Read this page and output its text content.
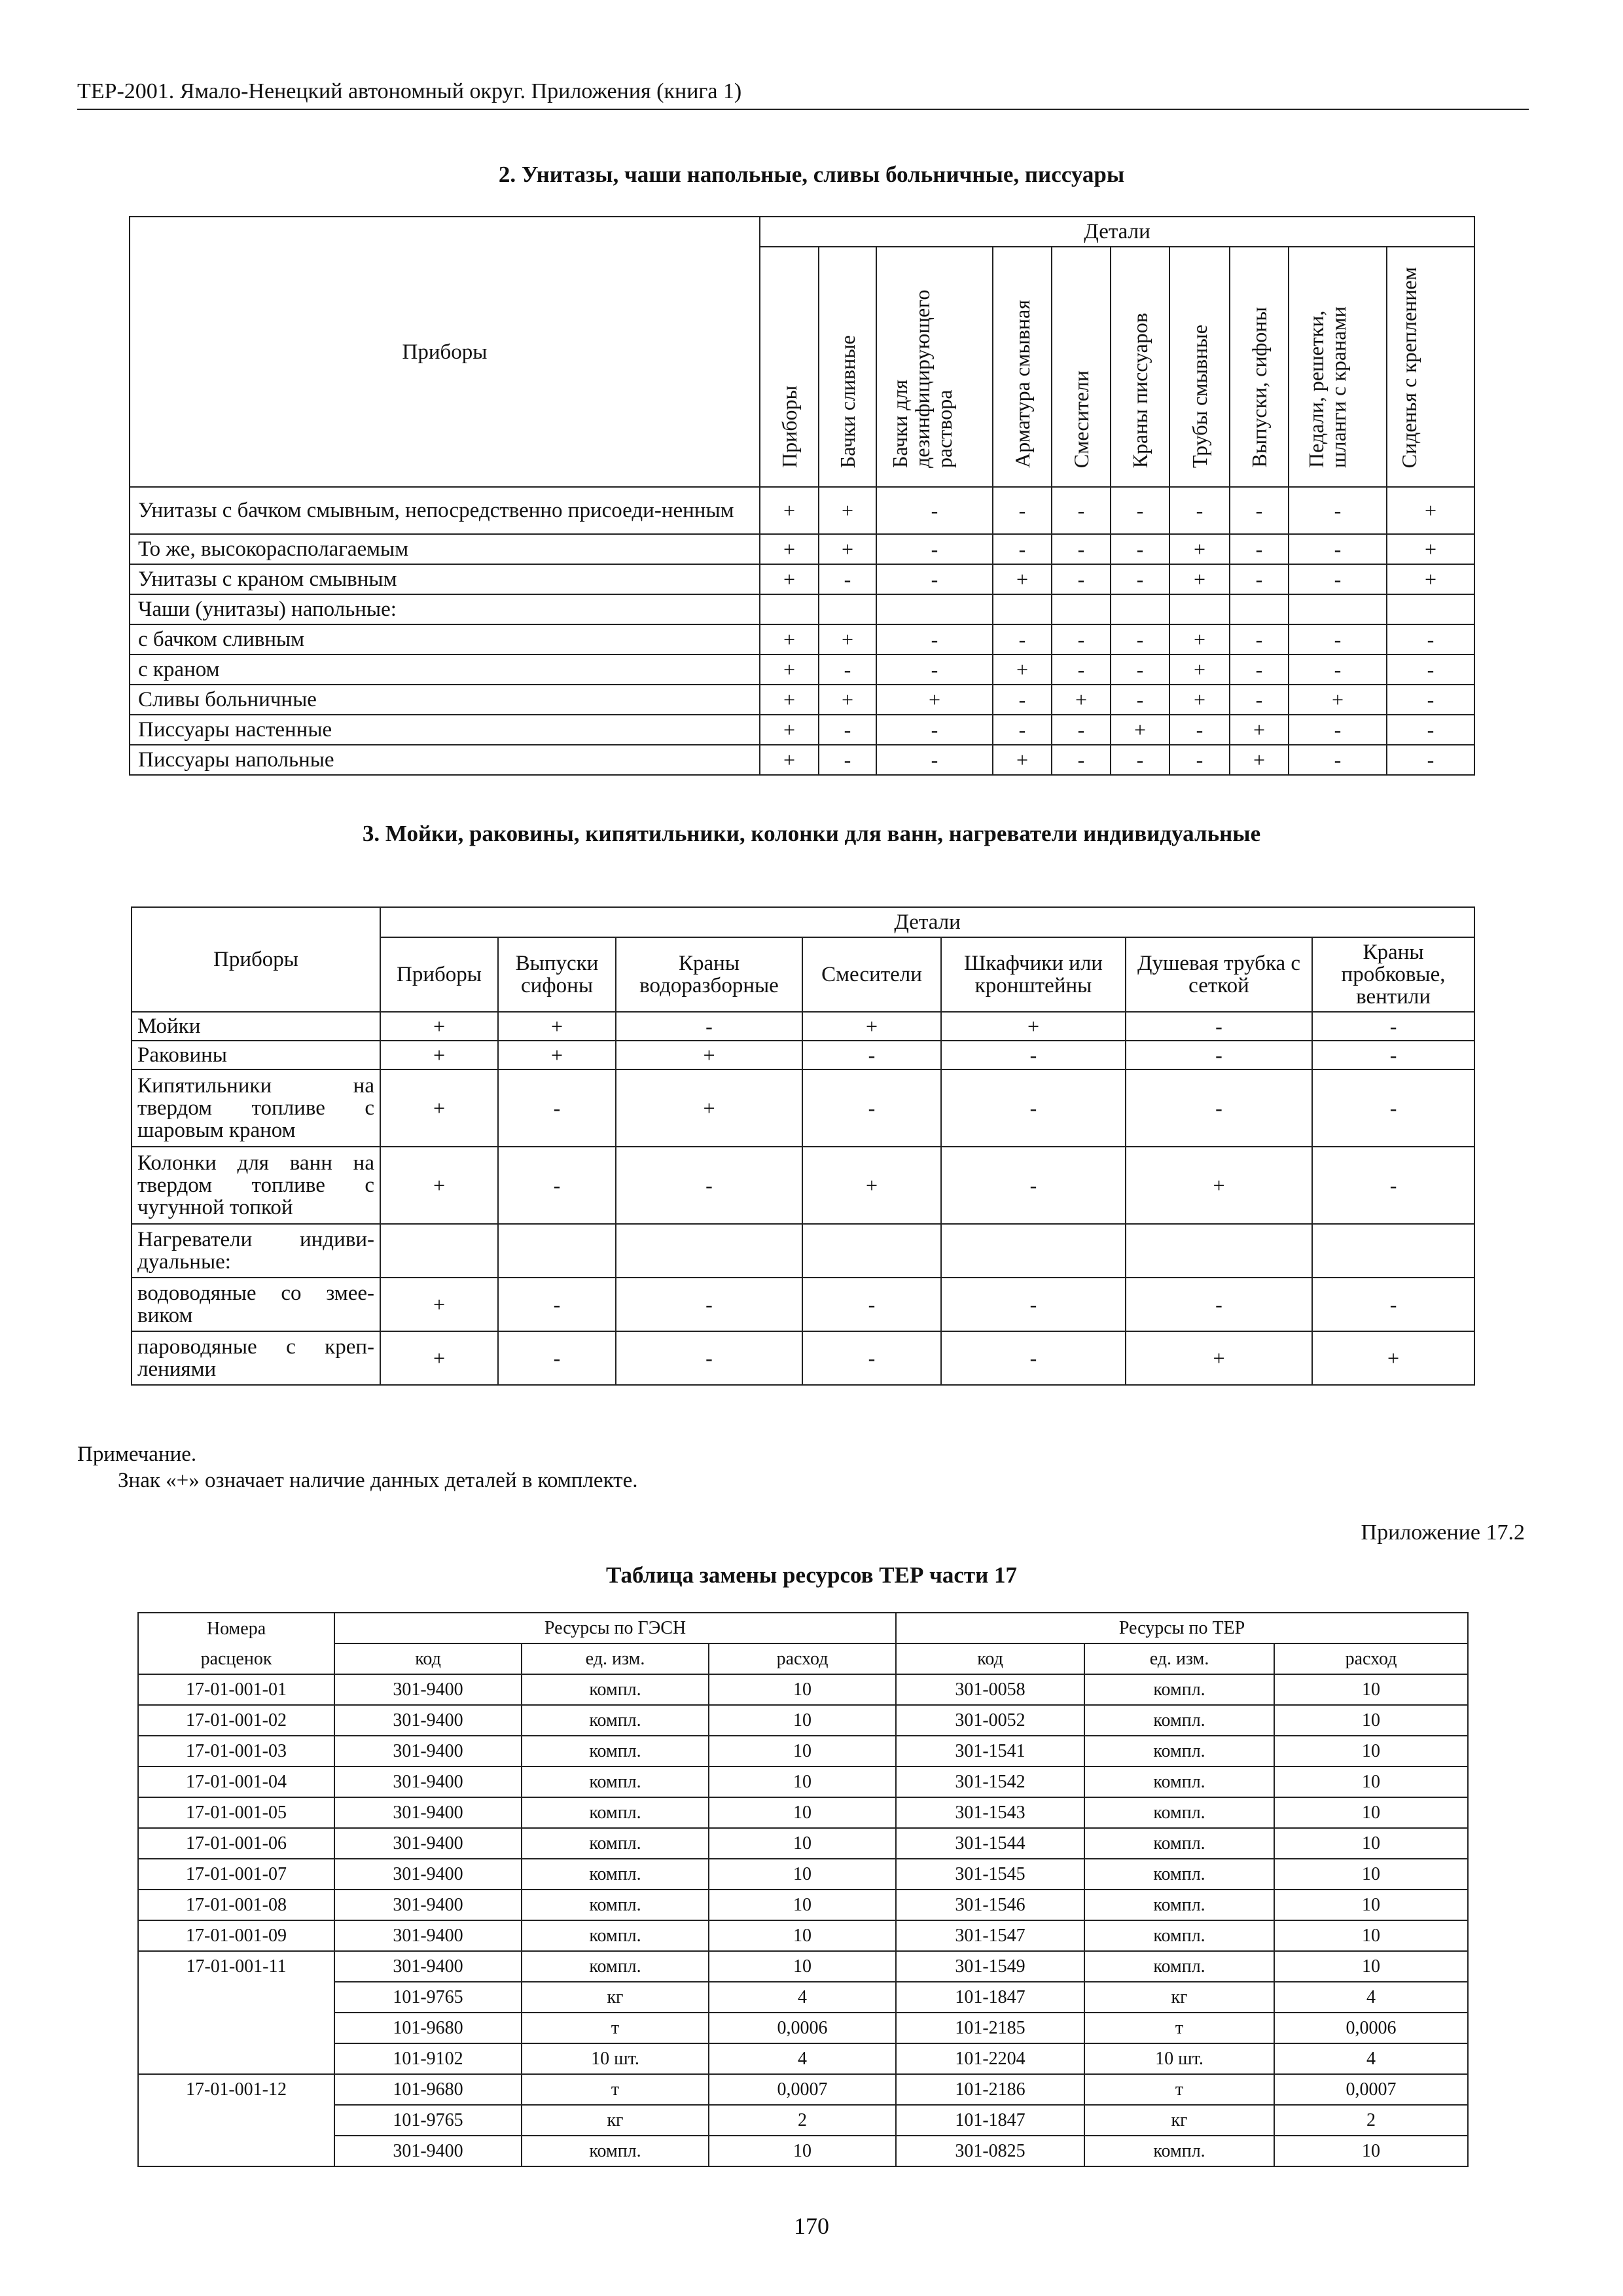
ТЕР-2001. Ямало-Ненецкий автономный округ. Приложения (книга 1)
2. Унитазы, чаши напольные, сливы больничные, писсуары
Приборы	Детали									
	Приборы	Бачки сливные	Бачки для дезинфицирующего раствора	Арматура смывная	Смесители	Краны писсуаров	Трубы смывные	Выпуски, сифоны	Педали, решетки, шланги с кранами	Сиденья с креплением
Унитазы с бачком смывным, непосредственно присоеди-ненным	+	+	-	-	-	-	-	-	-	+
То же, высокорасполагаемым	+	+	-	-	-	-	+	-	-	+
Унитазы с краном смывным	+	-	-	+	-	-	+	-	-	+
Чаши (унитазы) напольные:										
с бачком сливным	+	+	-	-	-	-	+	-	-	-
с краном	+	-	-	+	-	-	+	-	-	-
Сливы больничные	+	+	+	-	+	-	+	-	+	-
Писсуары настенные	+	-	-	-	-	+	-	+	-	-
Писсуары напольные	+	-	-	+	-	-	-	+	-	-
3. Мойки, раковины, кипятильники, колонки для ванн, нагреватели индивидуальные
Приборы	Детали						
	Приборы	Выпуски сифоны	Краны водоразборные	Смесители	Шкафчики или кронштейны	Душевая трубка с сеткой	Краны пробковые, вентили
Мойки	+	+	-	+	+	-	-
Раковины	+	+	+	-	-	-	-
Кипятильники на твердом топливе с шаровым краном	+	-	+	-	-	-	-
Колонки для ванн на твердом топливе с чугунной топкой	+	-	-	+	-	+	-
Нагреватели индиви-дуальные:							
водоводяные со змее-виком	+	-	-	-	-	-	-
пароводяные с креп-лениями	+	-	-	-	-	+	+
Примечание.
Знак «+» означает наличие данных деталей в комплекте.
Приложение 17.2
Таблица замены ресурсов ТЕР части 17
Номера	Ресурсы по ГЭСН			Ресурсы по ТЕР		
расценок	код	ед. изм.	расход	код	ед. изм.	расход
17-01-001-01	301-9400	компл.	10	301-0058	компл.	10
17-01-001-02	301-9400	компл.	10	301-0052	компл.	10
17-01-001-03	301-9400	компл.	10	301-1541	компл.	10
17-01-001-04	301-9400	компл.	10	301-1542	компл.	10
17-01-001-05	301-9400	компл.	10	301-1543	компл.	10
17-01-001-06	301-9400	компл.	10	301-1544	компл.	10
17-01-001-07	301-9400	компл.	10	301-1545	компл.	10
17-01-001-08	301-9400	компл.	10	301-1546	компл.	10
17-01-001-09	301-9400	компл.	10	301-1547	компл.	10
17-01-001-11	301-9400	компл.	10	301-1549	компл.	10
	101-9765	кг	4	101-1847	кг	4
	101-9680	т	0,0006	101-2185	т	0,0006
	101-9102	10 шт.	4	101-2204	10 шт.	4
17-01-001-12	101-9680	т	0,0007	101-2186	т	0,0007
	101-9765	кг	2	101-1847	кг	2
	301-9400	компл.	10	301-0825	компл.	10
170
